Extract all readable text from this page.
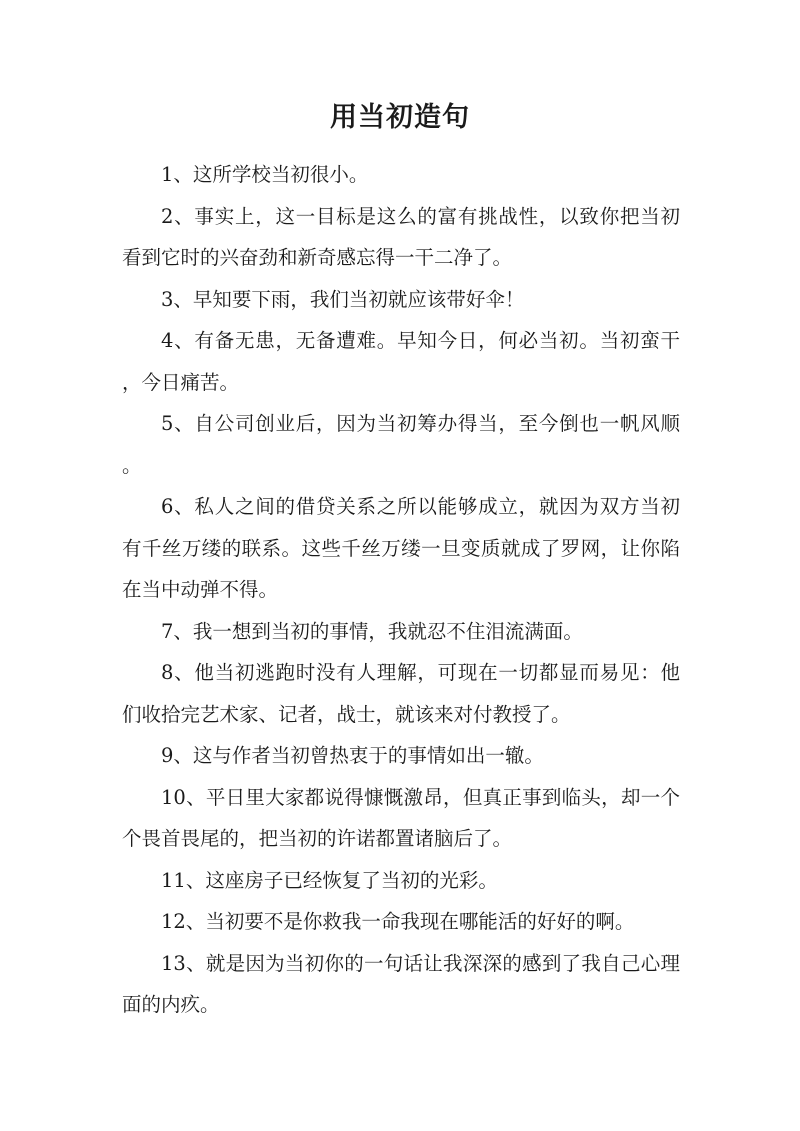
用当初造句

1、这所学校当初很小。

2、事实上，这一目标是这么的富有挑战性，以致你把当初看到它时的兴奋劲和新奇感忘得一干二净了。

3、早知要下雨，我们当初就应该带好伞！

4、有备无患，无备遭难。早知今日，何必当初。当初蛮干，今日痛苦。

5、自公司创业后，因为当初筹办得当，至今倒也一帆风顺。

6、私人之间的借贷关系之所以能够成立，就因为双方当初有千丝万缕的联系。这些千丝万缕一旦变质就成了罗网，让你陷在当中动弹不得。

7、我一想到当初的事情，我就忍不住泪流满面。

8、他当初逃跑时没有人理解，可现在一切都显而易见：他们收拾完艺术家、记者，战士，就该来对付教授了。

9、这与作者当初曾热衷于的事情如出一辙。

10、平日里大家都说得慷慨激昂，但真正事到临头，却一个个畏首畏尾的，把当初的许诺都置诸脑后了。

11、这座房子已经恢复了当初的光彩。

12、当初要不是你救我一命我现在哪能活的好好的啊。

13、就是因为当初你的一句话让我深深的感到了我自己心理面的内疚。
